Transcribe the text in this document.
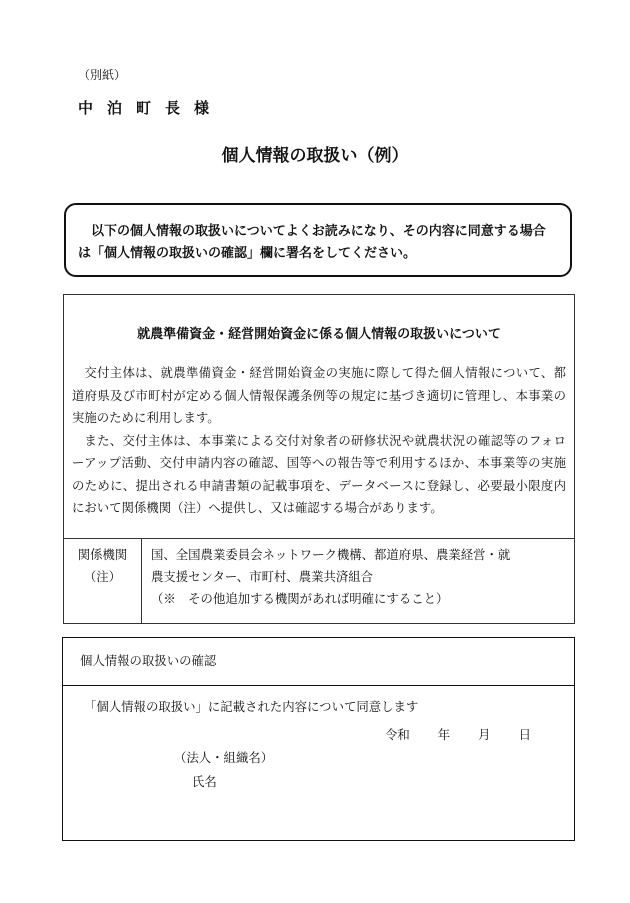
（別紙）
中泊町長様
個人情報の取扱い（例）
以下の個人情報の取扱いについてよくお読みになり、その内容に同意する場合
は「個人情報の取扱いの確認」欄に署名をしてください。
就農準備資金・経営開始資金に係る個人情報の取扱いについて

交付主体は、就農準備資金・経営開始資金の実施に際して得た個人情報について、都道府県及び市町村が定める個人情報保護条例等の規定に基づき適切に管理し、本事業の実施のために利用します。

また、交付主体は、本事業による交付対象者の研修状況や就農状況の確認等のフォローアップ活動、交付申請内容の確認、国等への報告等で利用するほか、本事業等の実施のために、提出される申請書類の記載事項を、データベースに登録し、必要最小限度内において関係機関（注）へ提供し、又は確認する場合があります。

関係機関
（注）
国、全国農業委員会ネットワーク機構、都道府県、農業経営・就
農支援センター、市町村、農業共済組合
（※　その他追加する機関があれば明確にすること）
個人情報の取扱いの確認
「個人情報の取扱い」に記載された内容について同意します
令和 年 月 日
（法人・組織名）
氏名
